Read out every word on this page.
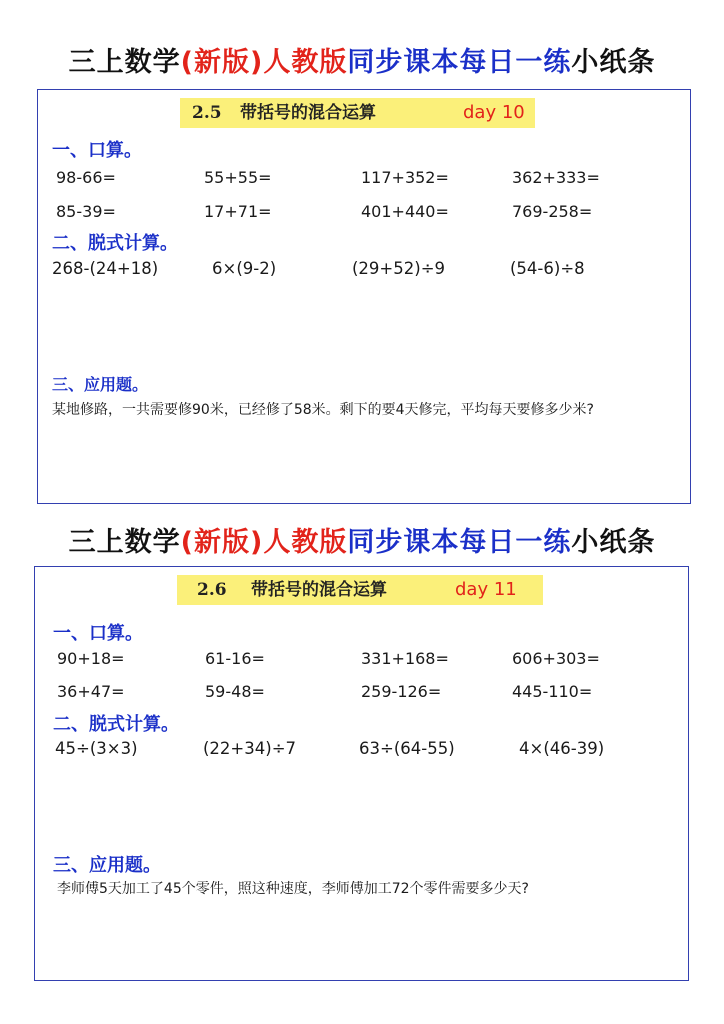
三上数学(新版)人教版同步课本每日一练小纸条
2.5 带括号的混合运算	day 10
一、口算。
98-66=	55+55=	117+352=	362+333=
85-39=	17+71=	401+440=	769-258=
二、脱式计算。
268-(24+18)	6×(9-2)	(29+52)÷9	(54-6)÷8
三、应用题。
某地修路，一共需要修90米，已经修了58米。剩下的要4天修完，平均每天要修多少米?
三上数学(新版)人教版同步课本每日一练小纸条
2.6 带括号的混合运算	day 11
一、口算。
90+18=	61-16=	331+168=	606+303=
36+47=	59-48=	259-126=	445-110=
二、脱式计算。
45÷(3×3)	(22+34)÷7	63÷(64-55)	4×(46-39)
三、应用题。
李师傅5天加工了45个零件，照这种速度，李师傅加工72个零件需要多少天?
